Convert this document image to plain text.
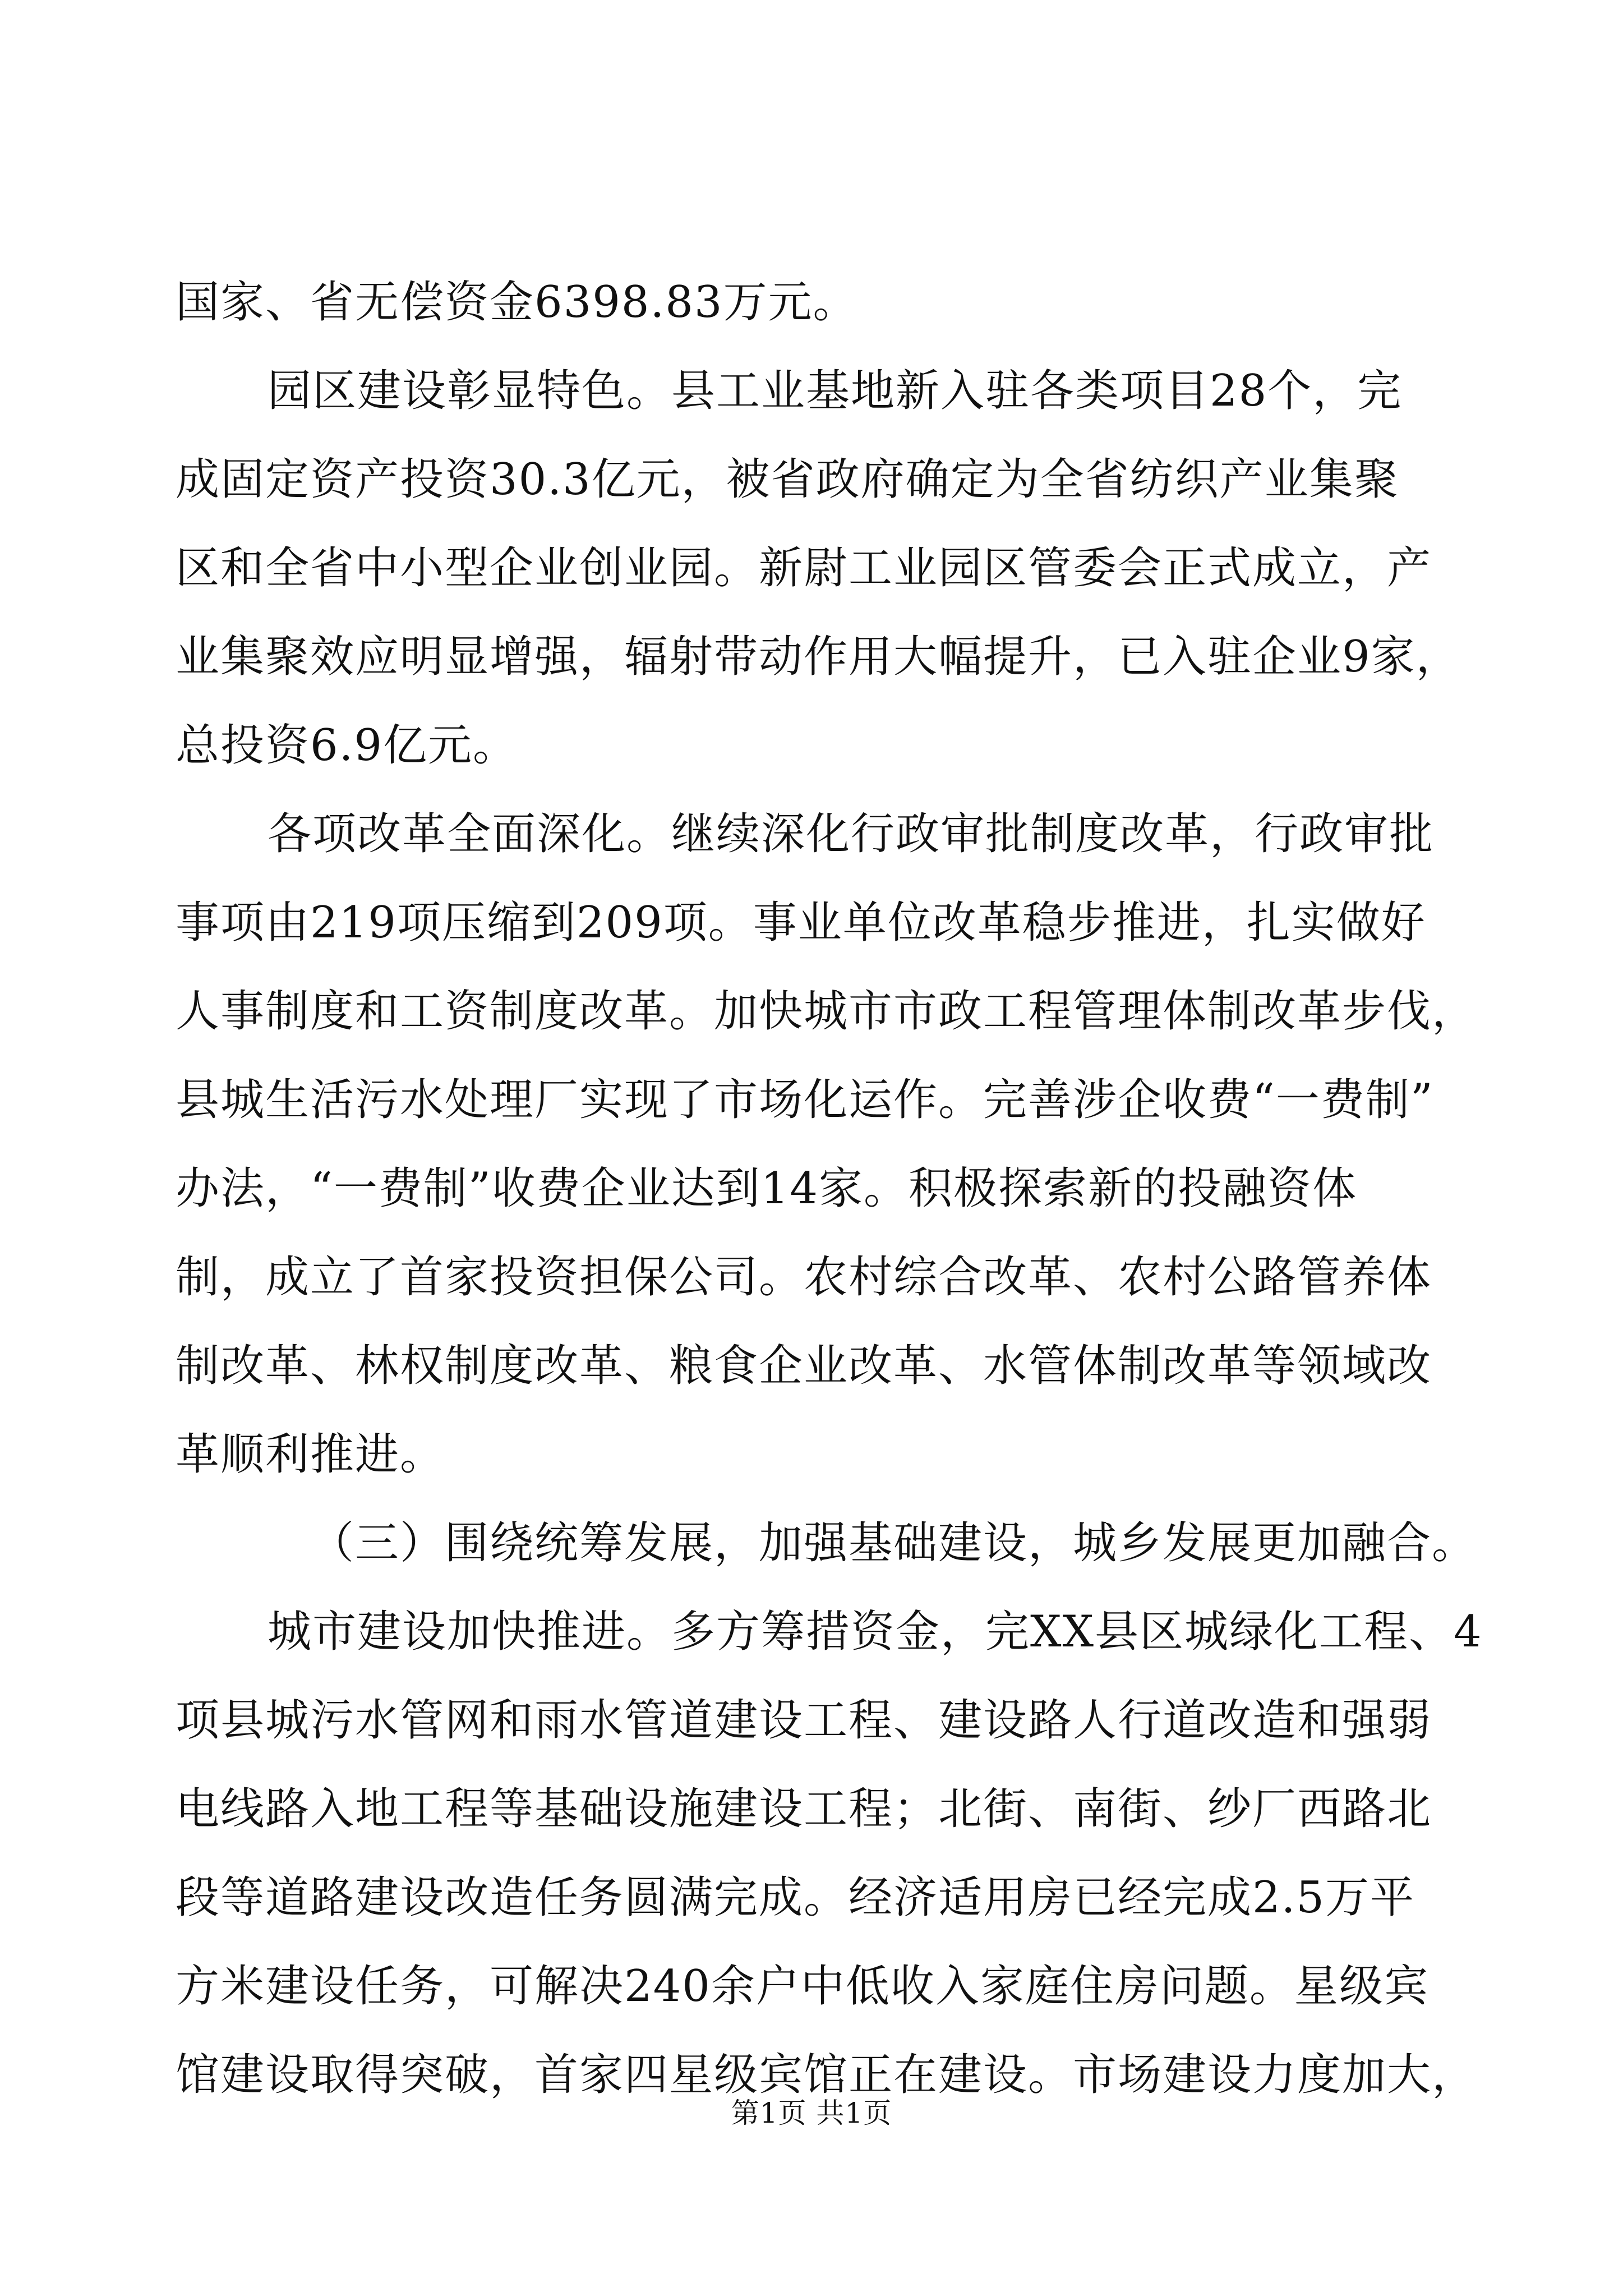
国家、省无偿资金6398.83万元。
园区建设彰显特色。县工业基地新入驻各类项目28个，完
成固定资产投资30.3亿元，被省政府确定为全省纺织产业集聚
区和全省中小型企业创业园。新尉工业园区管委会正式成立，产
业集聚效应明显增强，辐射带动作用大幅提升，已入驻企业9家，
总投资6.9亿元。
各项改革全面深化。继续深化行政审批制度改革，行政审批
事项由219项压缩到209项。事业单位改革稳步推进，扎实做好
人事制度和工资制度改革。加快城市市政工程管理体制改革步伐，
县城生活污水处理厂实现了市场化运作。完善涉企收费“一费制”
办法，“一费制”收费企业达到14家。积极探索新的投融资体
制，成立了首家投资担保公司。农村综合改革、农村公路管养体
制改革、林权制度改革、粮食企业改革、水管体制改革等领域改
革顺利推进。
（三）围绕统筹发展，加强基础建设，城乡发展更加融合。
城市建设加快推进。多方筹措资金，完XX县区城绿化工程、4
项县城污水管网和雨水管道建设工程、建设路人行道改造和强弱
电线路入地工程等基础设施建设工程；北街、南街、纱厂西路北
段等道路建设改造任务圆满完成。经济适用房已经完成2.5万平
方米建设任务，可解决240余户中低收入家庭住房问题。星级宾
馆建设取得突破，首家四星级宾馆正在建设。市场建设力度加大，
第1页 共1页
